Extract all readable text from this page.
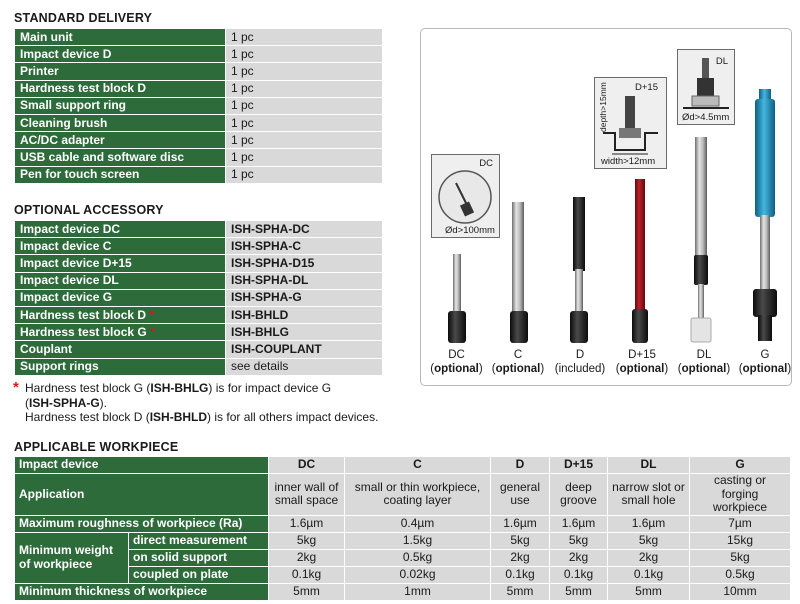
STANDARD DELIVERY
Main unit	1 pc
Impact device D	1 pc
Printer	1 pc
Hardness test block D	1 pc
Small support ring	1 pc
Cleaning brush	1 pc
AC/DC adapter	1 pc
USB cable and software disc	1 pc
Pen for touch screen	1 pc
OPTIONAL ACCESSORY
Impact device DC	ISH-SPHA-DC
Impact device C	ISH-SPHA-C
Impact device D+15	ISH-SPHA-D15
Impact device DL	ISH-SPHA-DL
Impact device G	ISH-SPHA-G
Hardness test block D *	ISH-BHLD
Hardness test block G *	ISH-BHLG
Couplant	ISH-COUPLANT
Support rings	see details
* Hardness test block G (ISH-BHLG) is for impact device G
(ISH-SPHA-G).
Hardness test block D (ISH-BHLD) is for all others impact devices.
DC
Ød>100mm
D+15
depth>15mm
width>12mm
DL
Ød>4.5mm
DC
(optional)
C
(optional)
D
(included)
D+15
(optional)
DL
(optional)
G
(optional)
APPLICABLE WORKPIECE
Impact device		DC	C	D	D+15	DL	G
Application		inner wall of small space	small or thin workpiece, coating layer	general use	deep groove	narrow slot or small hole	casting or forging workpiece
Maximum roughness of workpiece (Ra)		1.6µm	0.4µm	1.6µm	1.6µm	1.6µm	7µm
Minimum weight of workpiece	direct measurement	5kg	1.5kg	5kg	5kg	5kg	15kg
	on solid support	2kg	0.5kg	2kg	2kg	2kg	5kg
	coupled on plate	0.1kg	0.02kg	0.1kg	0.1kg	0.1kg	0.5kg
Minimum thickness of workpiece		5mm	1mm	5mm	5mm	5mm	10mm
